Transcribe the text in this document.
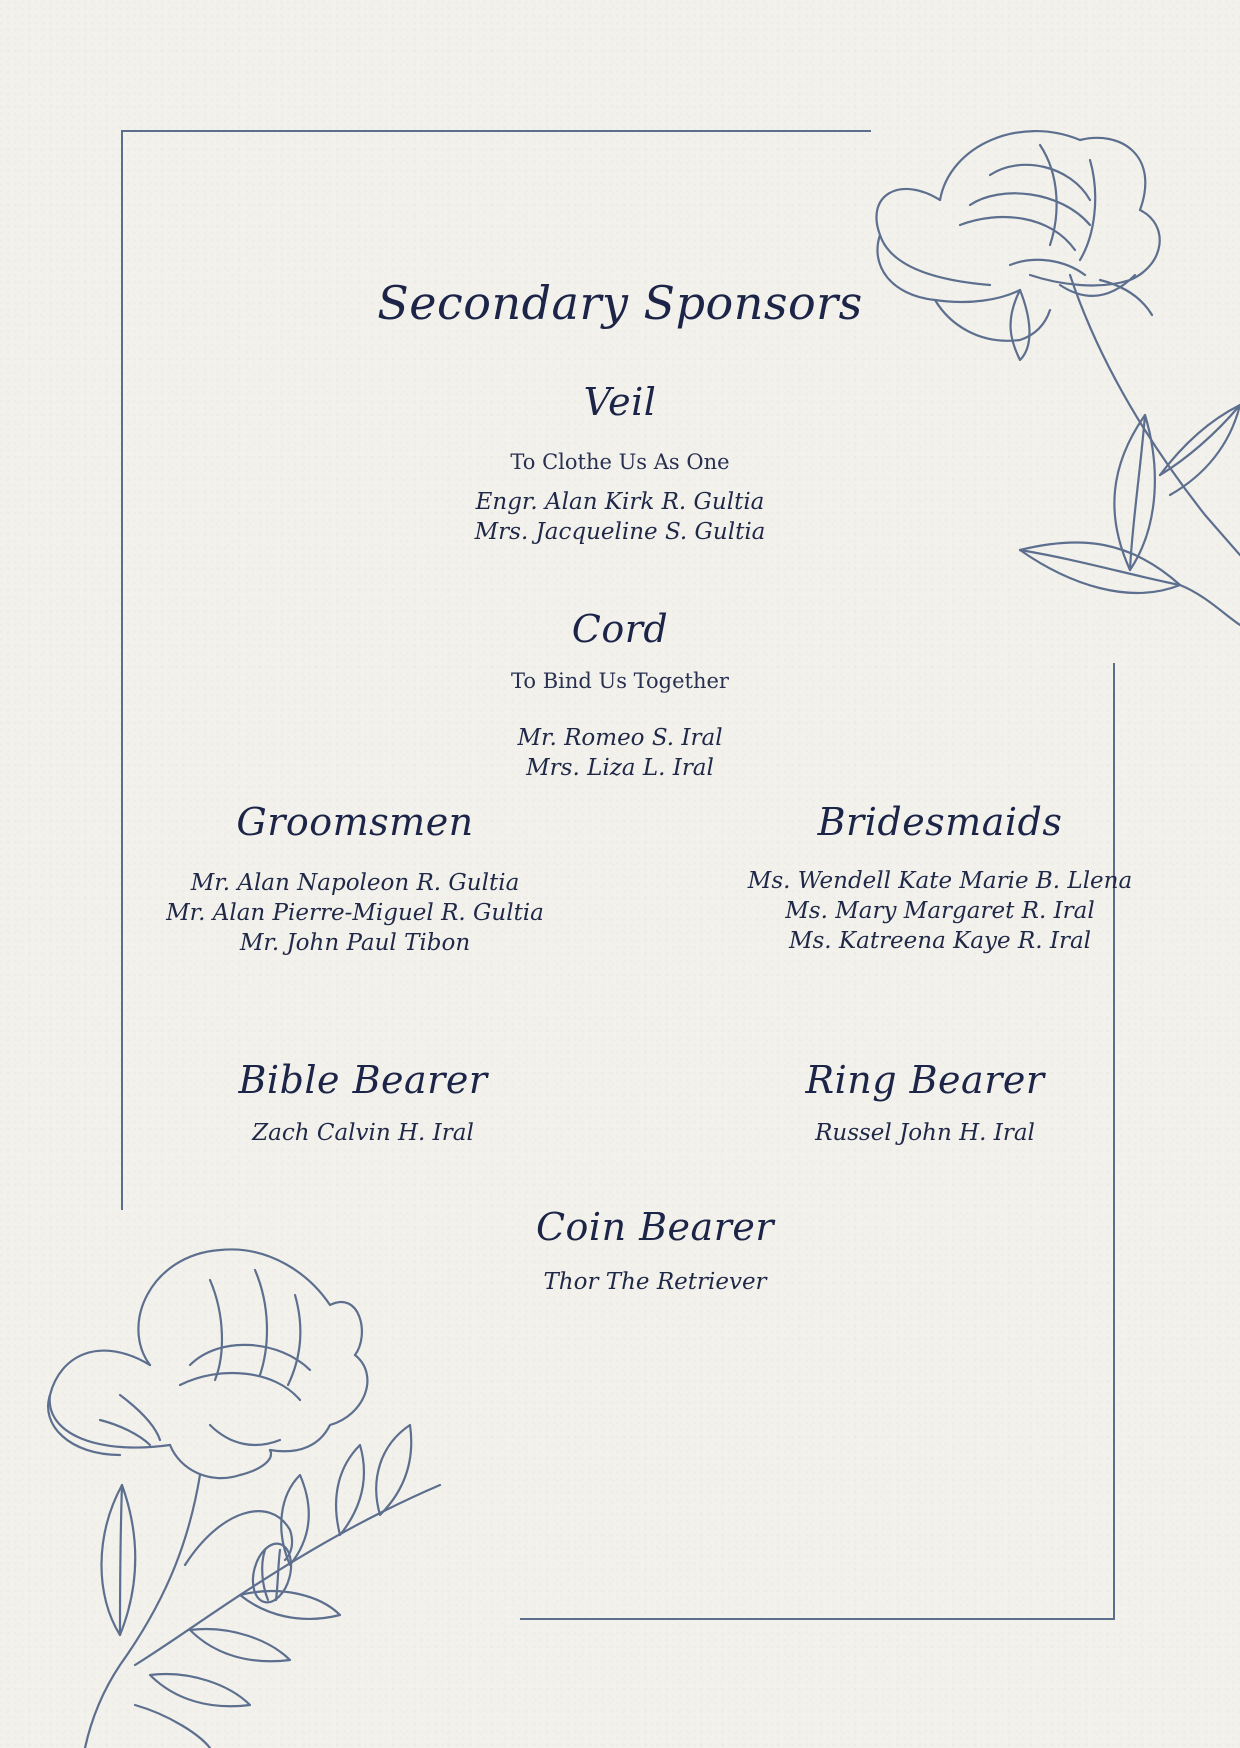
Secondary Sponsors
Veil
To Clothe Us As One
Engr. Alan Kirk R. Gultia
Mrs. Jacqueline S. Gultia
Cord
To Bind Us Together
Mr. Romeo S. Iral
Mrs. Liza L. Iral
Groomsmen
Mr. Alan Napoleon R. Gultia
Mr. Alan Pierre-Miguel R. Gultia
Mr. John Paul Tibon
Bridesmaids
Ms. Wendell Kate Marie B. Llena
Ms. Mary Margaret R. Iral
Ms. Katreena Kaye R. Iral
Bible Bearer
Zach Calvin H. Iral
Ring Bearer
Russel John H. Iral
Coin Bearer
Thor The Retriever
